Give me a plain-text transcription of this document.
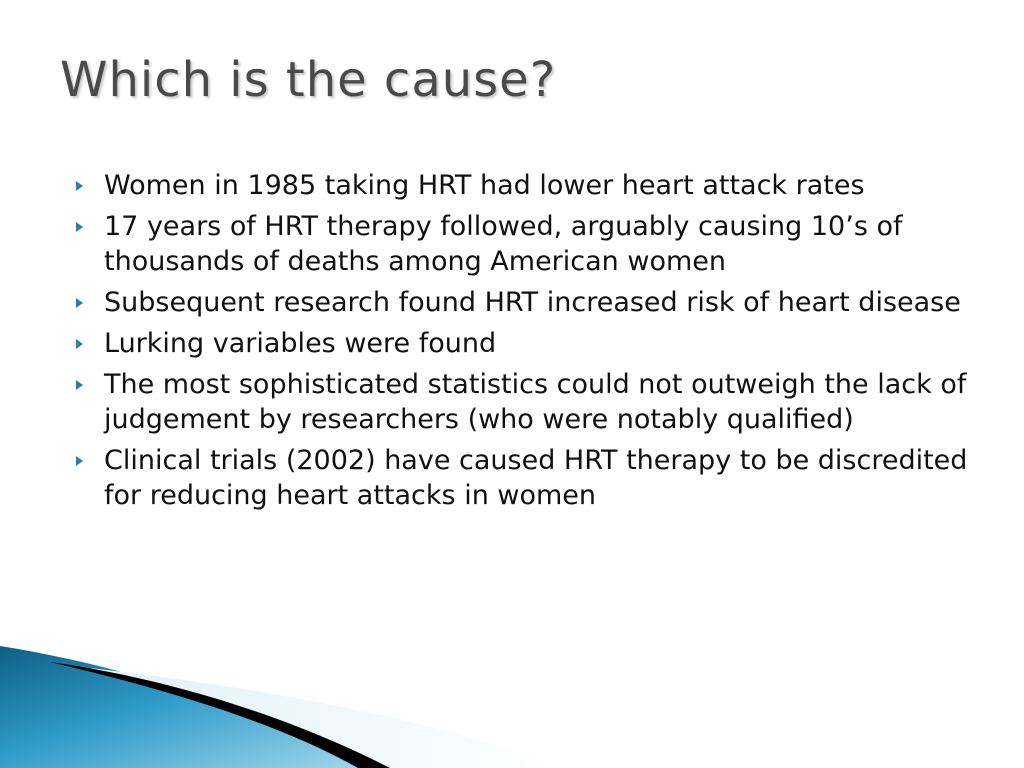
Which is the cause?
Women in 1985 taking HRT had lower heart attack rates
17 years of HRT therapy followed, arguably causing 10’s of thousands of deaths among American women
Subsequent research found HRT increased risk of heart disease
Lurking variables were found
The most sophisticated statistics could not outweigh the lack of judgement by researchers (who were notably qualified)
Clinical trials (2002) have caused HRT therapy to be discredited for reducing heart attacks in women
